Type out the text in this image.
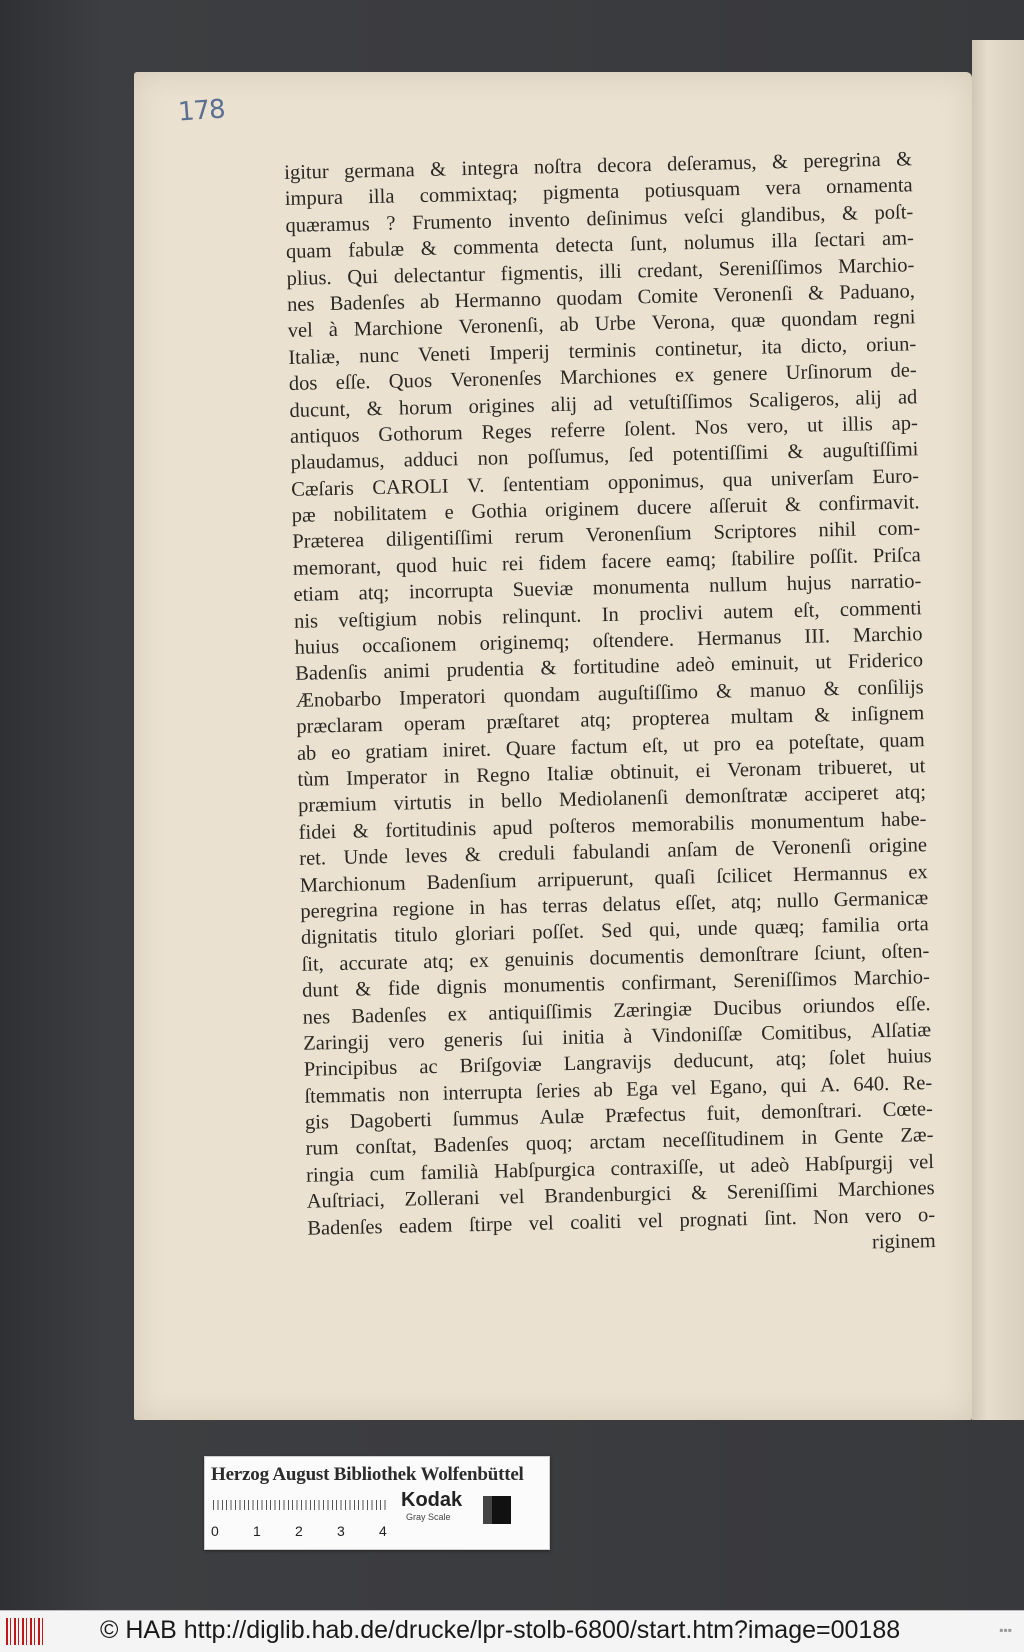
178
igitur germana & integra noſtra decora deſeramus, & peregrina &
impura illa commixtaq; pigmenta potiusquam vera ornamenta
quæramus ? Frumento invento deſinimus veſci glandibus, & poſt-
quam fabulæ & commenta detecta ſunt, nolumus illa ſectari am-
plius. Qui delectantur figmentis, illi credant, Sereniſſimos Marchio-
nes Badenſes ab Hermanno quodam Comite Veronenſi & Paduano,
vel à Marchione Veronenſi, ab Urbe Verona, quæ quondam regni
Italiæ, nunc Veneti Imperij terminis continetur, ita dicto, oriun-
dos eſſe. Quos Veronenſes Marchiones ex genere Urſinorum de-
ducunt, & horum origines alij ad vetuſtiſſimos Scaligeros, alij ad
antiquos Gothorum Reges referre ſolent. Nos vero, ut illis ap-
plaudamus, adduci non poſſumus, ſed potentiſſimi & auguſtiſſimi
Cæſaris CAROLI V. ſententiam opponimus, qua univerſam Euro-
pæ nobilitatem e Gothia originem ducere aſſeruit & confirmavit.
Præterea diligentiſſimi rerum Veronenſium Scriptores nihil com-
memorant, quod huic rei fidem facere eamq; ſtabilire poſſit. Priſca
etiam atq; incorrupta Sueviæ monumenta nullum hujus narratio-
nis veſtigium nobis relinqunt. In proclivi autem eſt, commenti
huius occaſionem originemq; oſtendere. Hermanus III. Marchio
Badenſis animi prudentia & fortitudine adeò eminuit, ut Friderico
Ænobarbo Imperatori quondam auguſtiſſimo & manuo & conſilijs
præclaram operam præſtaret atq; propterea multam & inſignem
ab eo gratiam iniret. Quare factum eſt, ut pro ea poteſtate, quam
tùm Imperator in Regno Italiæ obtinuit, ei Veronam tribueret, ut
præmium virtutis in bello Mediolanenſi demonſtratæ acciperet atq;
fidei & fortitudinis apud poſteros memorabilis monumentum habe-
ret. Unde leves & creduli fabulandi anſam de Veronenſi origine
Marchionum Badenſium arripuerunt, quaſi ſcilicet Hermannus ex
peregrina regione in has terras delatus eſſet, atq; nullo Germanicæ
dignitatis titulo gloriari poſſet. Sed qui, unde quæq; familia orta
ſit, accurate atq; ex genuinis documentis demonſtrare ſciunt, oſten-
dunt & fide dignis monumentis confirmant, Sereniſſimos Marchio-
nes Badenſes ex antiquiſſimis Zæringiæ Ducibus oriundos eſſe.
Zaringij vero generis ſui initia à Vindoniſſæ Comitibus, Alſatiæ
Principibus ac Briſgoviæ Langravijs deducunt, atq; ſolet huius
ſtemmatis non interrupta ſeries ab Ega vel Egano, qui A. 640. Re-
gis Dagoberti ſummus Aulæ Præfectus fuit, demonſtrari. Cœte-
rum conſtat, Badenſes quoq; arctam neceſſitudinem in Gente Zæ-
ringia cum familià Habſpurgica contraxiſſe, ut adeò Habſpurgij vel
Auſtriaci, Zollerani vel Brandenburgici & Sereniſſimi Marchiones
Badenſes eadem ſtirpe vel coaliti vel prognati ſint. Non vero o-
riginem
Herzog August Bibliothek Wolfenbüttel
0 1 2 3 4
Kodak
Gray Scale
© HAB http://diglib.hab.de/drucke/lpr-stolb-6800/start.htm?image=00188	▪▪▪
